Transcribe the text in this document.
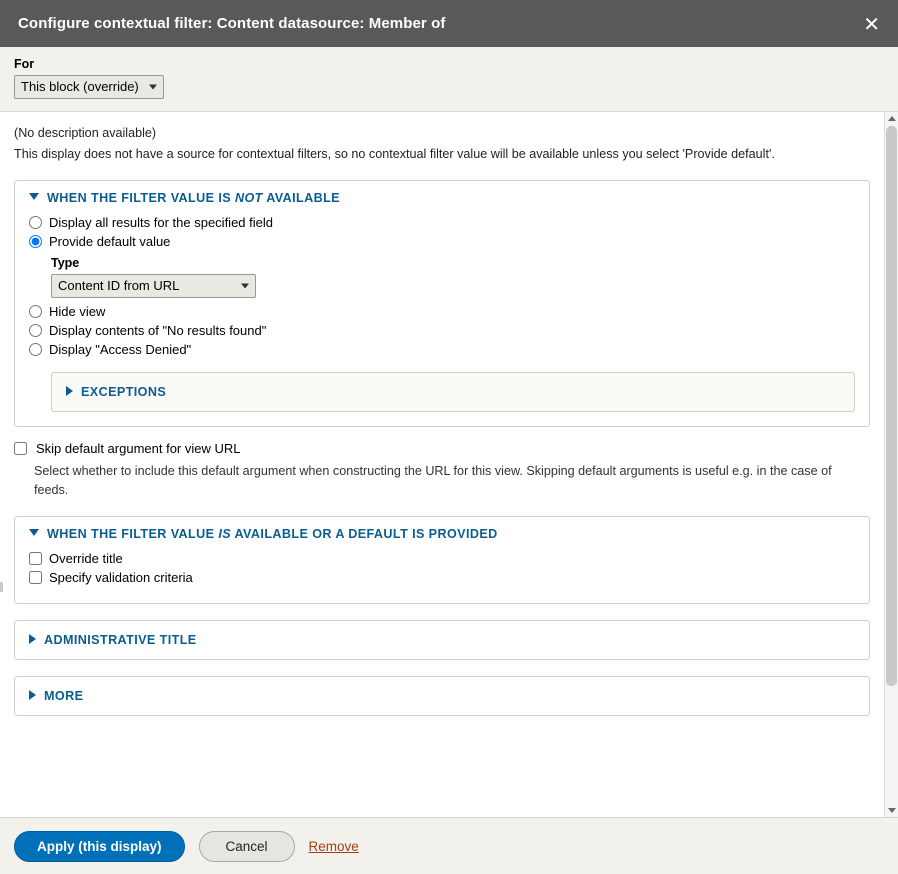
Configure contextual filter: Content datasource: Member of	✕
For
This block (override)
(No description available)
This display does not have a source for contextual filters, so no contextual filter value will be available unless you select 'Provide default'.
WHEN THE FILTER VALUE IS NOT AVAILABLE
Display all results for the specified field
Provide default value
Type
Content ID from URL
Hide view
Display contents of "No results found"
Display "Access Denied"
EXCEPTIONS
Skip default argument for view URL
Select whether to include this default argument when constructing the URL for this view. Skipping default arguments is useful e.g. in the case of feeds.
WHEN THE FILTER VALUE IS AVAILABLE OR A DEFAULT IS PROVIDED
Override title
Specify validation criteria
ADMINISTRATIVE TITLE
MORE
Apply (this display)	Cancel	Remove
